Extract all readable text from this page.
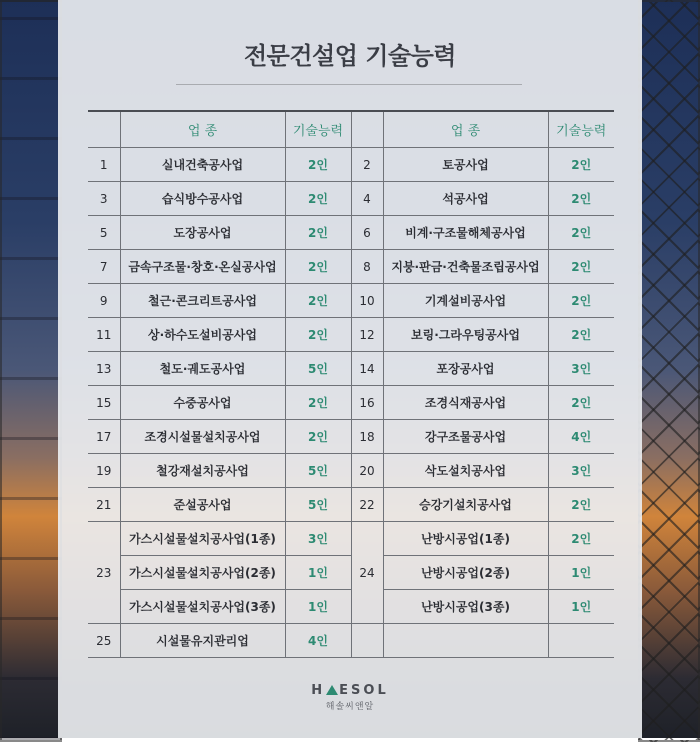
전문건설업 기술능력
	업 종	기술능력		업 종	기술능력
1	실내건축공사업	2인	2	토공사업	2인
3	습식방수공사업	2인	4	석공사업	2인
5	도장공사업	2인	6	비계·구조물해체공사업	2인
7	금속구조물·창호·온실공사업	2인	8	지붕·판금·건축물조립공사업	2인
9	철근·콘크리트공사업	2인	10	기계설비공사업	2인
11	상·하수도설비공사업	2인	12	보링·그라우팅공사업	2인
13	철도·궤도공사업	5인	14	포장공사업	3인
15	수중공사업	2인	16	조경식재공사업	2인
17	조경시설물설치공사업	2인	18	강구조물공사업	4인
19	철강재설치공사업	5인	20	삭도설치공사업	3인
21	준설공사업	5인	22	승강기설치공사업	2인
23	가스시설물설치공사업(1종)	3인	24	난방시공업(1종)	2인
	가스시설물설치공사업(2종)	1인		난방시공업(2종)	1인
	가스시설물설치공사업(3종)	1인		난방시공업(3종)	1인
25	시설물유지관리업	4인			
H ESOL
해솔씨앤알
